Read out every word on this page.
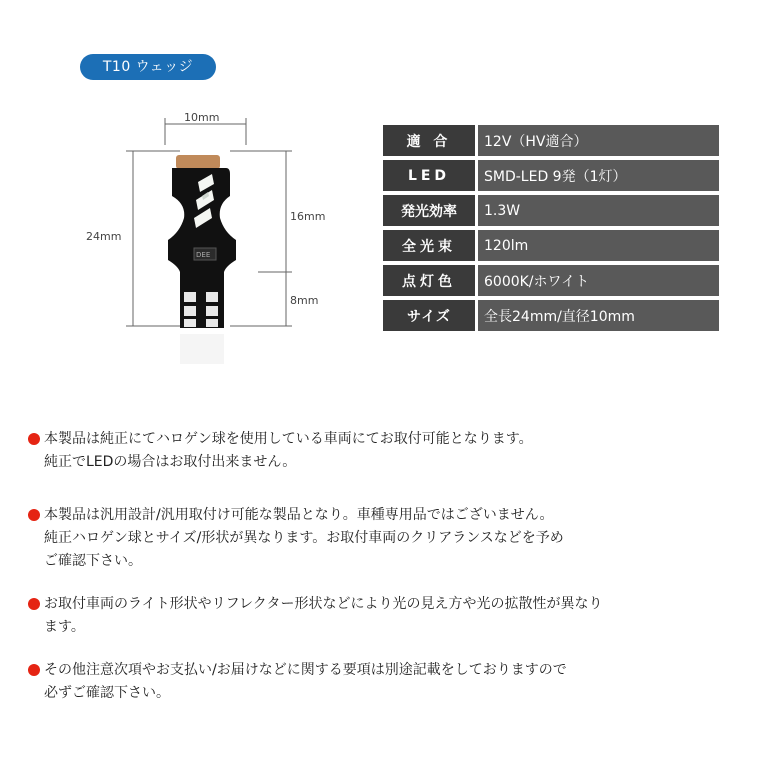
T10 ウェッジ
DEE
10mm
24mm
16mm
8mm
適 合	12V（HV適合）
LED	SMD-LED 9発（1灯）
発光効率	1.3W
全光束	120lm
点灯色	6000K/ホワイト
サイズ	全長24mm/直径10mm
本製品は純正にてハロゲン球を使用している車両にてお取付可能となります。
純正でLEDの場合はお取付出来ません。
本製品は汎用設計/汎用取付け可能な製品となり。車種専用品ではございません。
純正ハロゲン球とサイズ/形状が異なります。お取付車両のクリアランスなどを予め
ご確認下さい。
お取付車両のライト形状やリフレクター形状などにより光の見え方や光の拡散性が異なり
ます。
その他注意次項やお支払い/お届けなどに関する要項は別途記載をしておりますので
必ずご確認下さい。
